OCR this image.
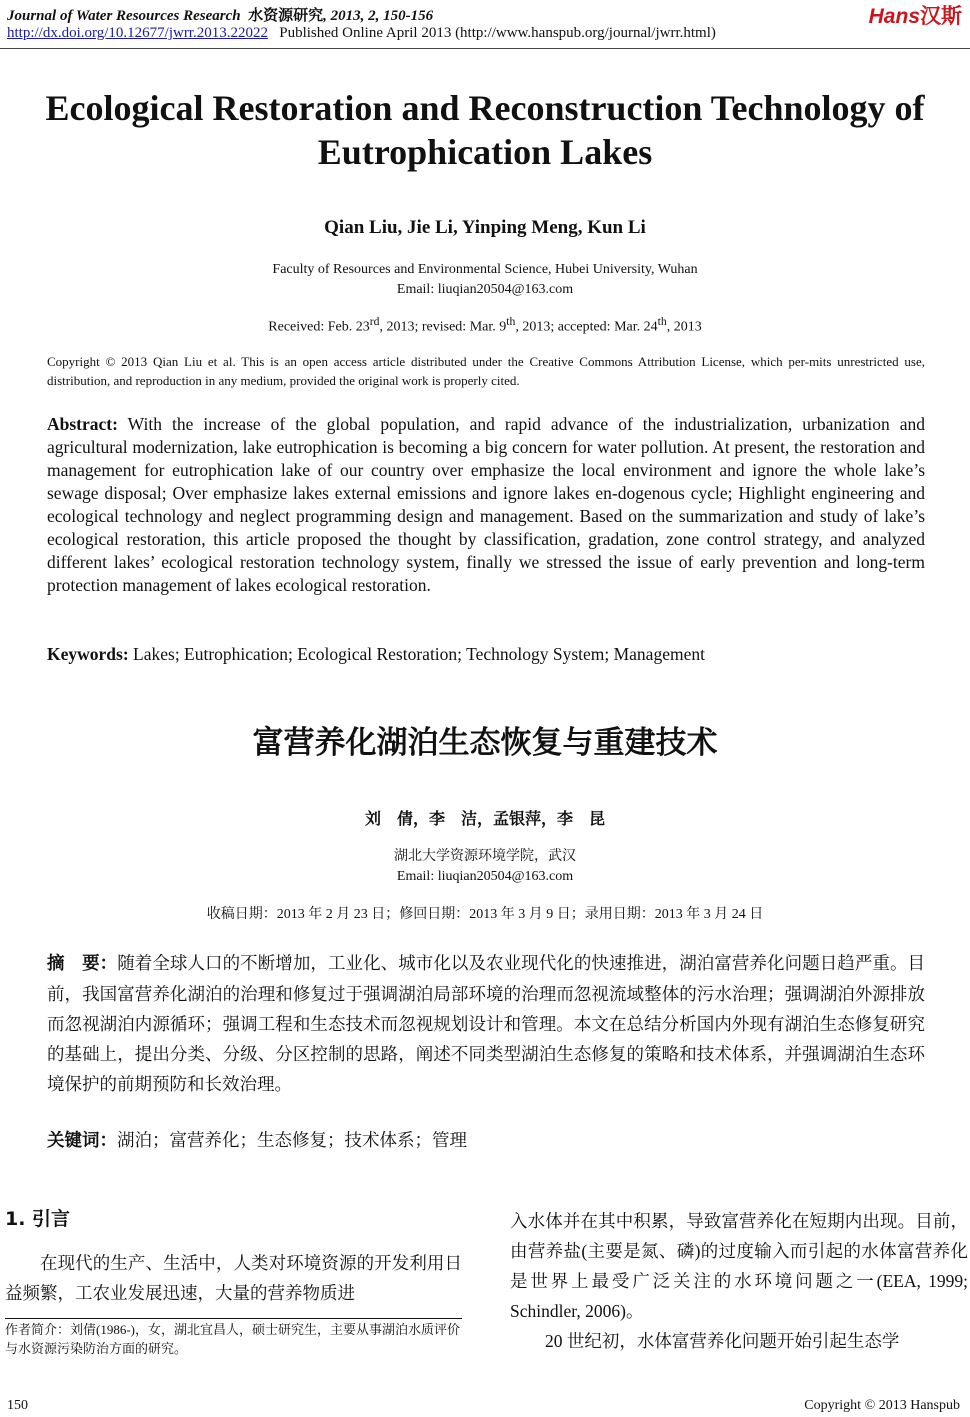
Journal of Water Resources Research 水资源研究, 2013, 2, 150-156
http://dx.doi.org/10.12677/jwrr.2013.22022 Published Online April 2013 (http://www.hanspub.org/journal/jwrr.html)
Hans汉斯
Ecological Restoration and Reconstruction Technology of Eutrophication Lakes
Qian Liu, Jie Li, Yinping Meng, Kun Li
Faculty of Resources and Environmental Science, Hubei University, Wuhan
Email: liuqian20504@163.com
Received: Feb. 23rd, 2013; revised: Mar. 9th, 2013; accepted: Mar. 24th, 2013
Copyright © 2013 Qian Liu et al. This is an open access article distributed under the Creative Commons Attribution License, which per-mits unrestricted use, distribution, and reproduction in any medium, provided the original work is properly cited.
Abstract: With the increase of the global population, and rapid advance of the industrialization, urbanization and agricultural modernization, lake eutrophication is becoming a big concern for water pollution. At present, the restoration and management for eutrophication lake of our country over emphasize the local environment and ignore the whole lake’s sewage disposal; Over emphasize lakes external emissions and ignore lakes en-dogenous cycle; Highlight engineering and ecological technology and neglect programming design and management. Based on the summarization and study of lake’s ecological restoration, this article proposed the thought by classification, gradation, zone control strategy, and analyzed different lakes’ ecological restoration technology system, finally we stressed the issue of early prevention and long-term protection management of lakes ecological restoration.
Keywords: Lakes; Eutrophication; Ecological Restoration; Technology System; Management
富营养化湖泊生态恢复与重建技术
刘　倩，李　洁，孟银萍，李　昆
湖北大学资源环境学院，武汉
Email: liuqian20504@163.com
收稿日期：2013 年 2 月 23 日；修回日期：2013 年 3 月 9 日；录用日期：2013 年 3 月 24 日
摘　要：随着全球人口的不断增加，工业化、城市化以及农业现代化的快速推进，湖泊富营养化问题日趋严重。目前，我国富营养化湖泊的治理和修复过于强调湖泊局部环境的治理而忽视流域整体的污水治理；强调湖泊外源排放而忽视湖泊内源循环；强调工程和生态技术而忽视规划设计和管理。本文在总结分析国内外现有湖泊生态修复研究的基础上，提出分类、分级、分区控制的思路，阐述不同类型湖泊生态修复的策略和技术体系，并强调湖泊生态环境保护的前期预防和长效治理。
关键词：湖泊；富营养化；生态修复；技术体系；管理
1. 引言
在现代的生产、生活中，人类对环境资源的开发利用日益频繁，工农业发展迅速，大量的营养物质进
作者简介：刘倩(1986-)，女，湖北宜昌人，硕士研究生，主要从事湖泊水质评价与水资源污染防治方面的研究。
入水体并在其中积累，导致富营养化在短期内出现。目前，由营养盐(主要是氮、磷)的过度输入而引起的水体富营养化是世界上最受广泛关注的水环境问题之一(EEA, 1999; Schindler, 2006)。
20 世纪初，水体富营养化问题开始引起生态学
150	Copyright © 2013 Hanspub
